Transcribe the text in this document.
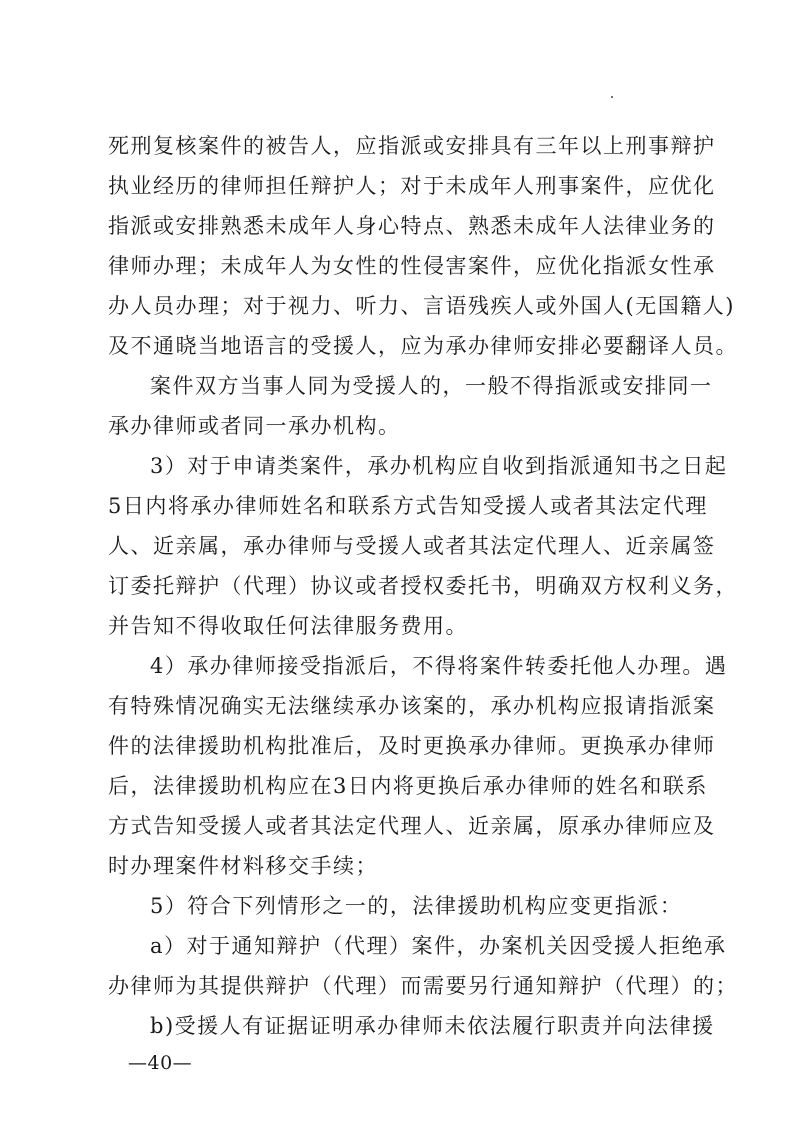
死刑复核案件的被告人，应指派或安排具有三年以上刑事辩护
执业经历的律师担任辩护人；对于未成年人刑事案件，应优化
指派或安排熟悉未成年人身心特点、熟悉未成年人法律业务的
律师办理；未成年人为女性的性侵害案件，应优化指派女性承
办人员办理；对于视力、听力、言语残疾人或外国人(无国籍人)
及不通晓当地语言的受援人，应为承办律师安排必要翻译人员。
案件双方当事人同为受援人的，一般不得指派或安排同一
承办律师或者同一承办机构。
3）对于申请类案件，承办机构应自收到指派通知书之日起
5日内将承办律师姓名和联系方式告知受援人或者其法定代理
人、近亲属，承办律师与受援人或者其法定代理人、近亲属签
订委托辩护（代理）协议或者授权委托书，明确双方权利义务，
并告知不得收取任何法律服务费用。
4）承办律师接受指派后，不得将案件转委托他人办理。遇
有特殊情况确实无法继续承办该案的，承办机构应报请指派案
件的法律援助机构批准后，及时更换承办律师。更换承办律师
后，法律援助机构应在3日内将更换后承办律师的姓名和联系
方式告知受援人或者其法定代理人、近亲属，原承办律师应及
时办理案件材料移交手续；
5）符合下列情形之一的，法律援助机构应变更指派：
a）对于通知辩护（代理）案件，办案机关因受援人拒绝承
办律师为其提供辩护（代理）而需要另行通知辩护（代理）的；
b)受援人有证据证明承办律师未依法履行职责并向法律援
—40—
